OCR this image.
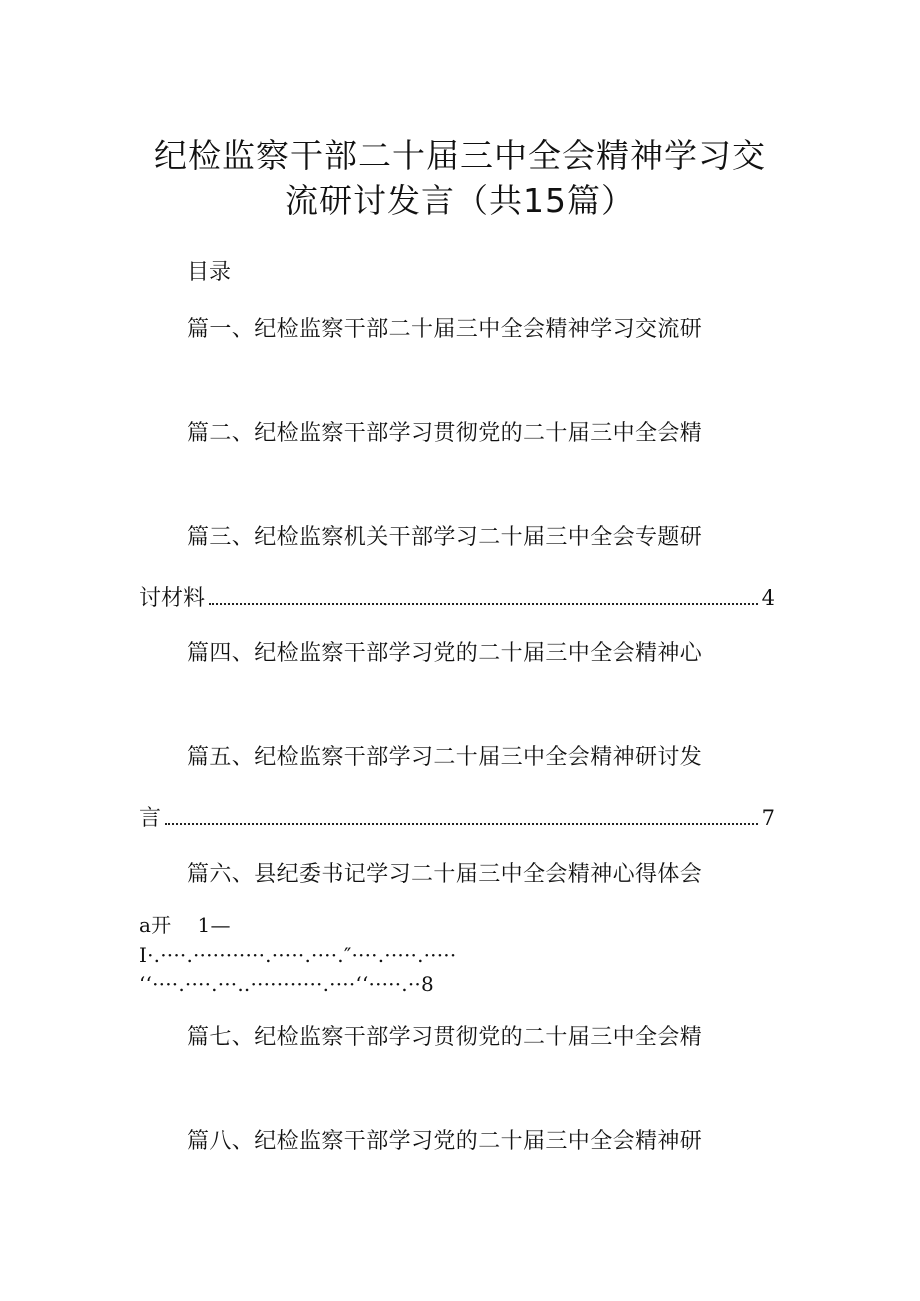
纪检监察干部二十届三中全会精神学习交
流研讨发言（共15篇）
目录
篇一、纪检监察干部二十届三中全会精神学习交流研
篇二、纪检监察干部学习贯彻党的二十届三中全会精
篇三、纪检监察机关干部学习二十届三中全会专题研
讨材料	4
篇四、纪检监察干部学习党的二十届三中全会精神心
篇五、纪检监察干部学习二十届三中全会精神研讨发
言	7
篇六、县纪委书记学习二十届三中全会精神心得体会
a开    1—
I·.····.···········.·····.····.″····.·····.·····
‘‘····.····.···..···········.····‘‘·····.··8
篇七、纪检监察干部学习贯彻党的二十届三中全会精
篇八、纪检监察干部学习党的二十届三中全会精神研
